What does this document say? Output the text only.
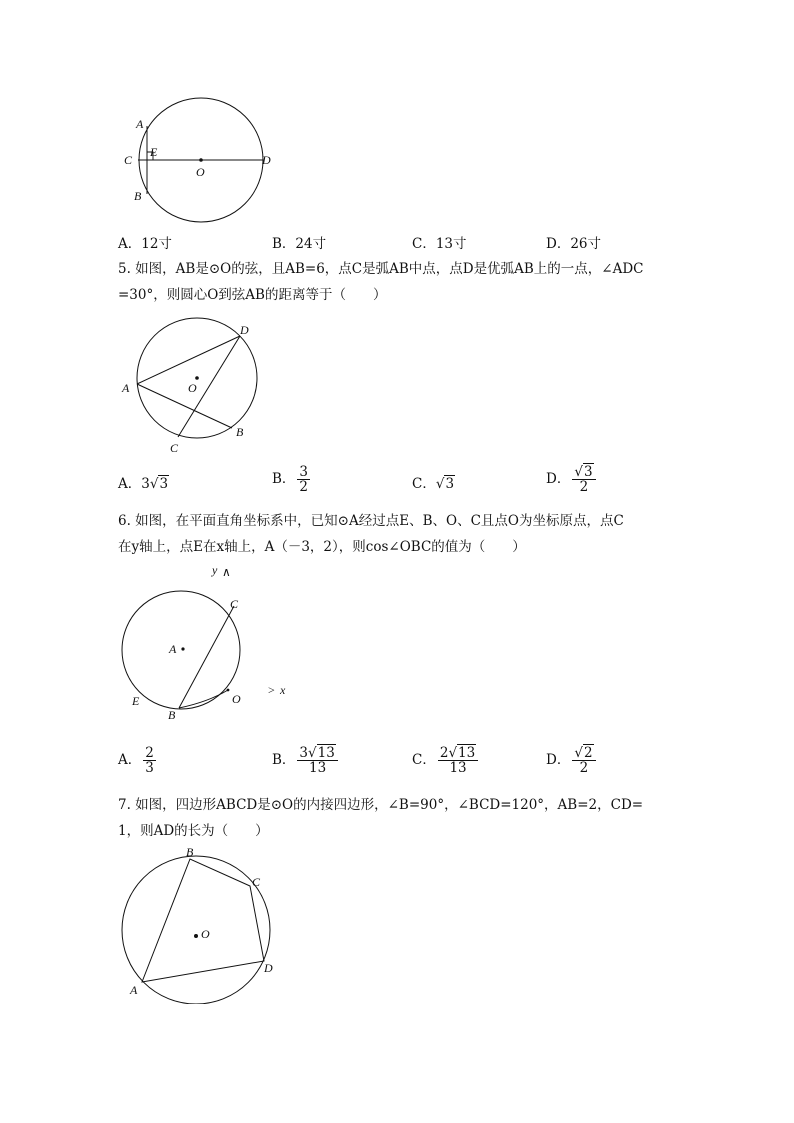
A
C
E
O
D
B
A．12寸	B．24寸	C．13寸	D．26寸
5. 如图，AB是⊙O的弦，且AB=6，点C是弧AB中点，点D是优弧AB上的一点，∠ADC
=30°，则圆心O到弦AB的距离等于（　　）
D
A	O
B
C
A．3√3	B． $\frac{3}{2}$	C．√3	D． $\frac{√3}{2}$
6. 如图，在平面直角坐标系中，已知⊙A经过点E、B、O、C且点O为坐标原点，点C
在y轴上，点E在x轴上，A（－3，2），则cos∠OBC的值为（　　）
y ∧
C
A
> x
E	O
B
A． $\frac{2}{3}$	B． $\frac{3√13}{13}$	C． $\frac{2√13}{13}$	D． $\frac{√2}{2}$
7. 如图，四边形ABCD是⊙O的内接四边形，∠B=90°，∠BCD=120°，AB=2，CD=
1，则AD的长为（　　）
B
C
O
D
A
